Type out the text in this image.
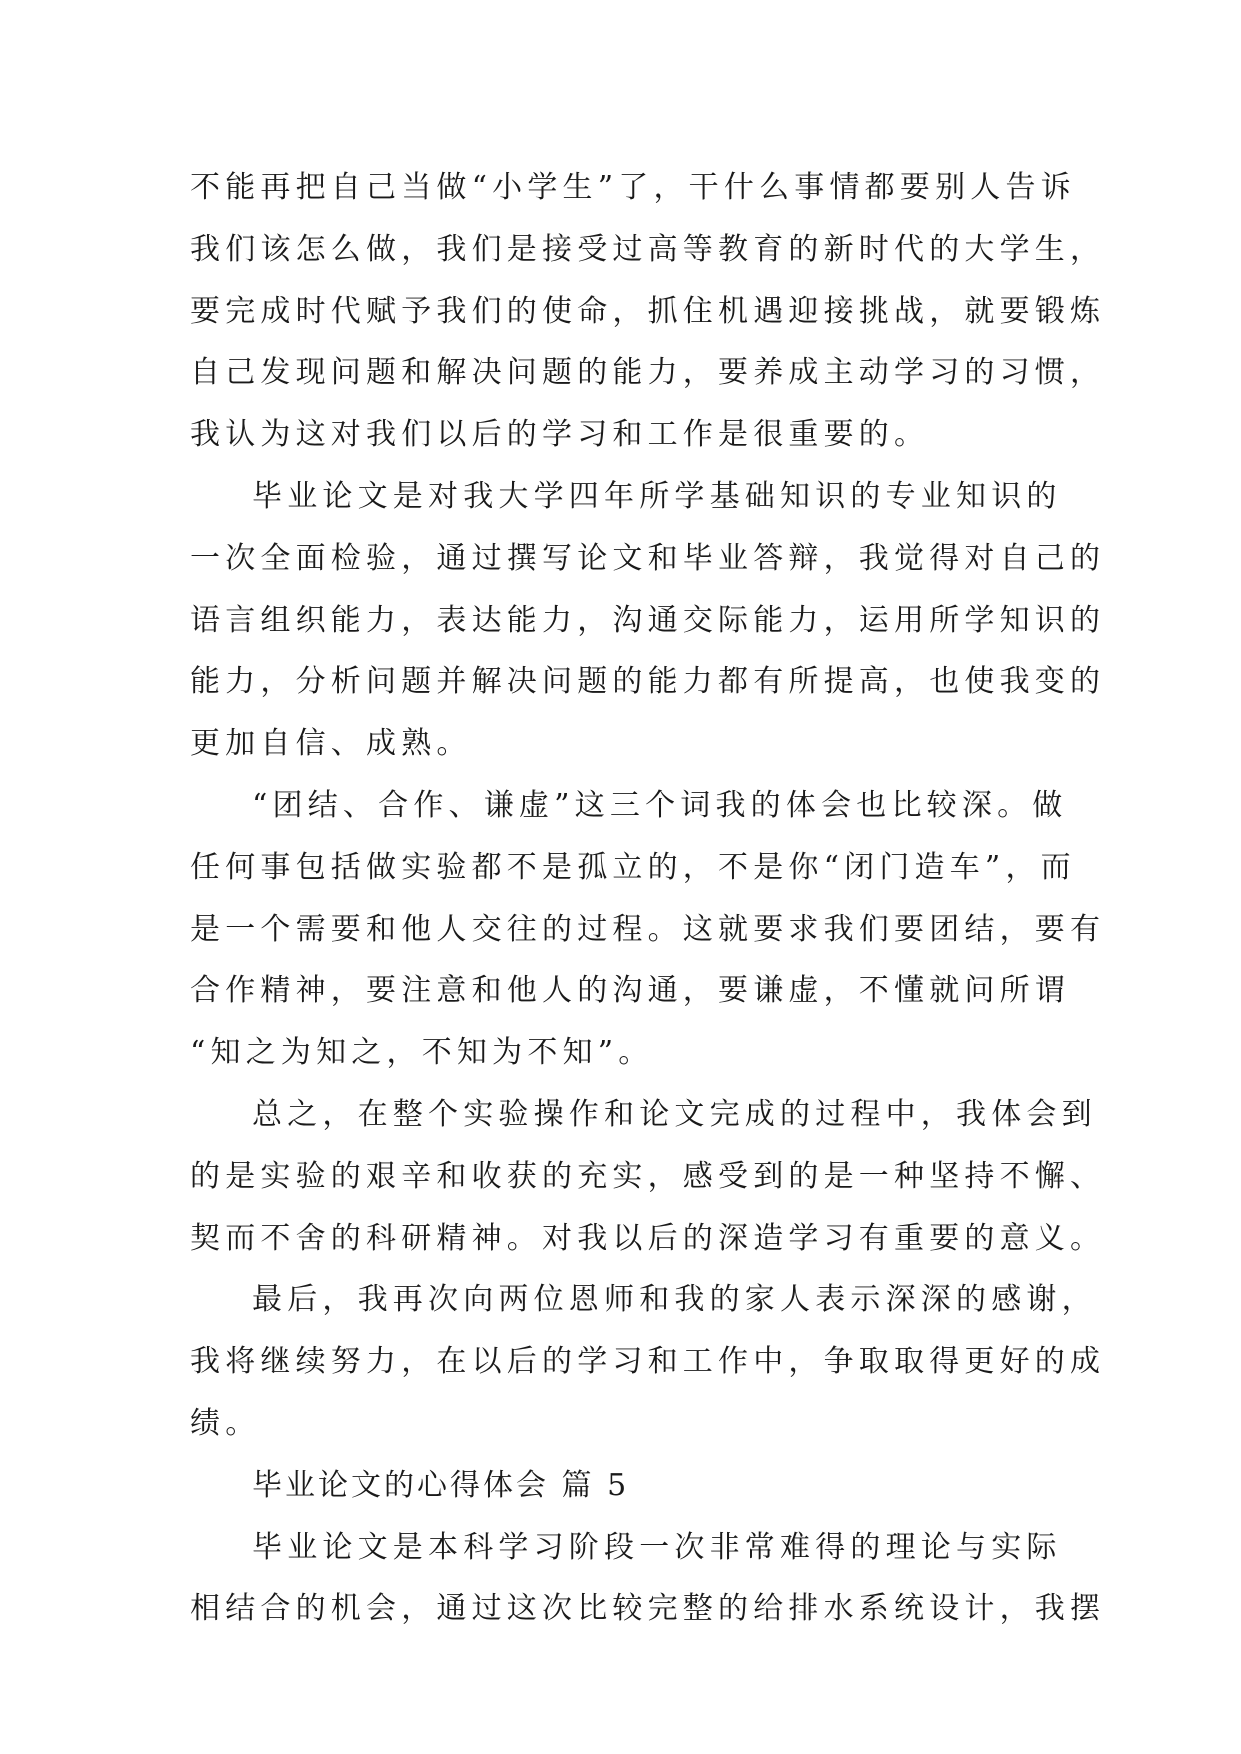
不能再把自己当做“小学生”了，干什么事情都要别人告诉
我们该怎么做，我们是接受过高等教育的新时代的大学生，
要完成时代赋予我们的使命，抓住机遇迎接挑战，就要锻炼
自己发现问题和解决问题的能力，要养成主动学习的习惯，
我认为这对我们以后的学习和工作是很重要的。
毕业论文是对我大学四年所学基础知识的专业知识的
一次全面检验，通过撰写论文和毕业答辩，我觉得对自己的
语言组织能力，表达能力，沟通交际能力，运用所学知识的
能力，分析问题并解决问题的能力都有所提高，也使我变的
更加自信、成熟。
“团结、合作、谦虚”这三个词我的体会也比较深。做
任何事包括做实验都不是孤立的，不是你“闭门造车”，而
是一个需要和他人交往的过程。这就要求我们要团结，要有
合作精神，要注意和他人的沟通，要谦虚，不懂就问所谓
“知之为知之，不知为不知”。
总之，在整个实验操作和论文完成的过程中，我体会到
的是实验的艰辛和收获的充实，感受到的是一种坚持不懈、
契而不舍的科研精神。对我以后的深造学习有重要的意义。
最后，我再次向两位恩师和我的家人表示深深的感谢，
我将继续努力，在以后的学习和工作中，争取取得更好的成
绩。
毕业论文的心得体会 篇 5
毕业论文是本科学习阶段一次非常难得的理论与实际
相结合的机会，通过这次比较完整的给排水系统设计，我摆
